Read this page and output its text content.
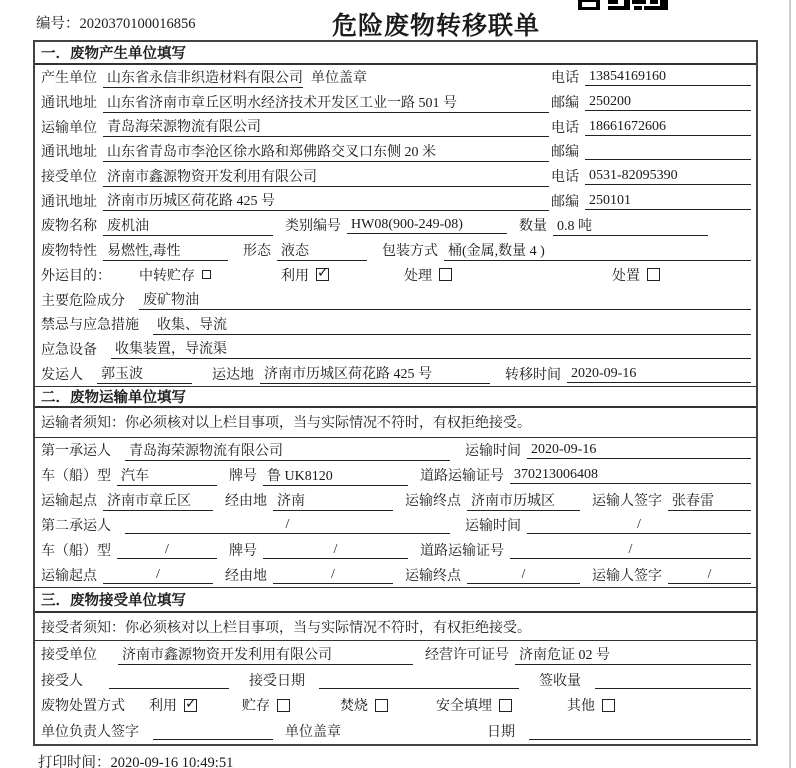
编号：2020370100016856	危险废物转移联单
一．废物产生单位填写
产生单位 山东省永信非织造材料有限公司 单位盖章	电话 13854169160
通讯地址 山东省济南市章丘区明水经济技术开发区工业一路 501 号	邮编 250200
运输单位 青岛海荣源物流有限公司	电话 18661672606
通讯地址 山东省青岛市李沧区徐水路和郑佛路交叉口东侧 20 米	邮编
接受单位 济南市鑫源物资开发利用有限公司	电话 0531-82095390
通讯地址 济南市历城区荷花路 425 号	邮编 250101
废物名称 废机油	类别编号 HW08(900-249-08)	数量 0.8 吨
废物特性 易燃性,毒性	形态 液态	包装方式 桶(金属,数量 4 )
外运目的： 中转贮存	利用 ✓	处理	处置
主要危险成分 废矿物油
禁忌与应急措施 收集、导流
应急设备 收集装置，导流渠
发运人 郭玉波	运达地 济南市历城区荷花路 425 号	转移时间 2020-09-16
二．废物运输单位填写
运输者须知：你必须核对以上栏目事项，当与实际情况不符时，有权拒绝接受。
第一承运人 青岛海荣源物流有限公司	运输时间 2020-09-16
车（船）型 汽车	牌号 鲁 UK8120	道路运输证号 370213006408
运输起点 济南市章丘区	经由地 济南	运输终点 济南市历城区	运输人签字 张春雷
第二承运人	/	运输时间	/
车（船）型	/	牌号	/	道路运输证号	/
运输起点	/	经由地	/	运输终点	/	运输人签字	/
三．废物接受单位填写
接受者须知：你必须核对以上栏目事项，当与实际情况不符时，有权拒绝接受。
接受单位 济南市鑫源物资开发利用有限公司	经营许可证号 济南危证 02 号
接受人	接受日期	签收量
废物处置方式 利用 ✓	贮存	焚烧	安全填埋	其他
单位负责人签字	单位盖章	日期
打印时间：2020-09-16 10:49:51
